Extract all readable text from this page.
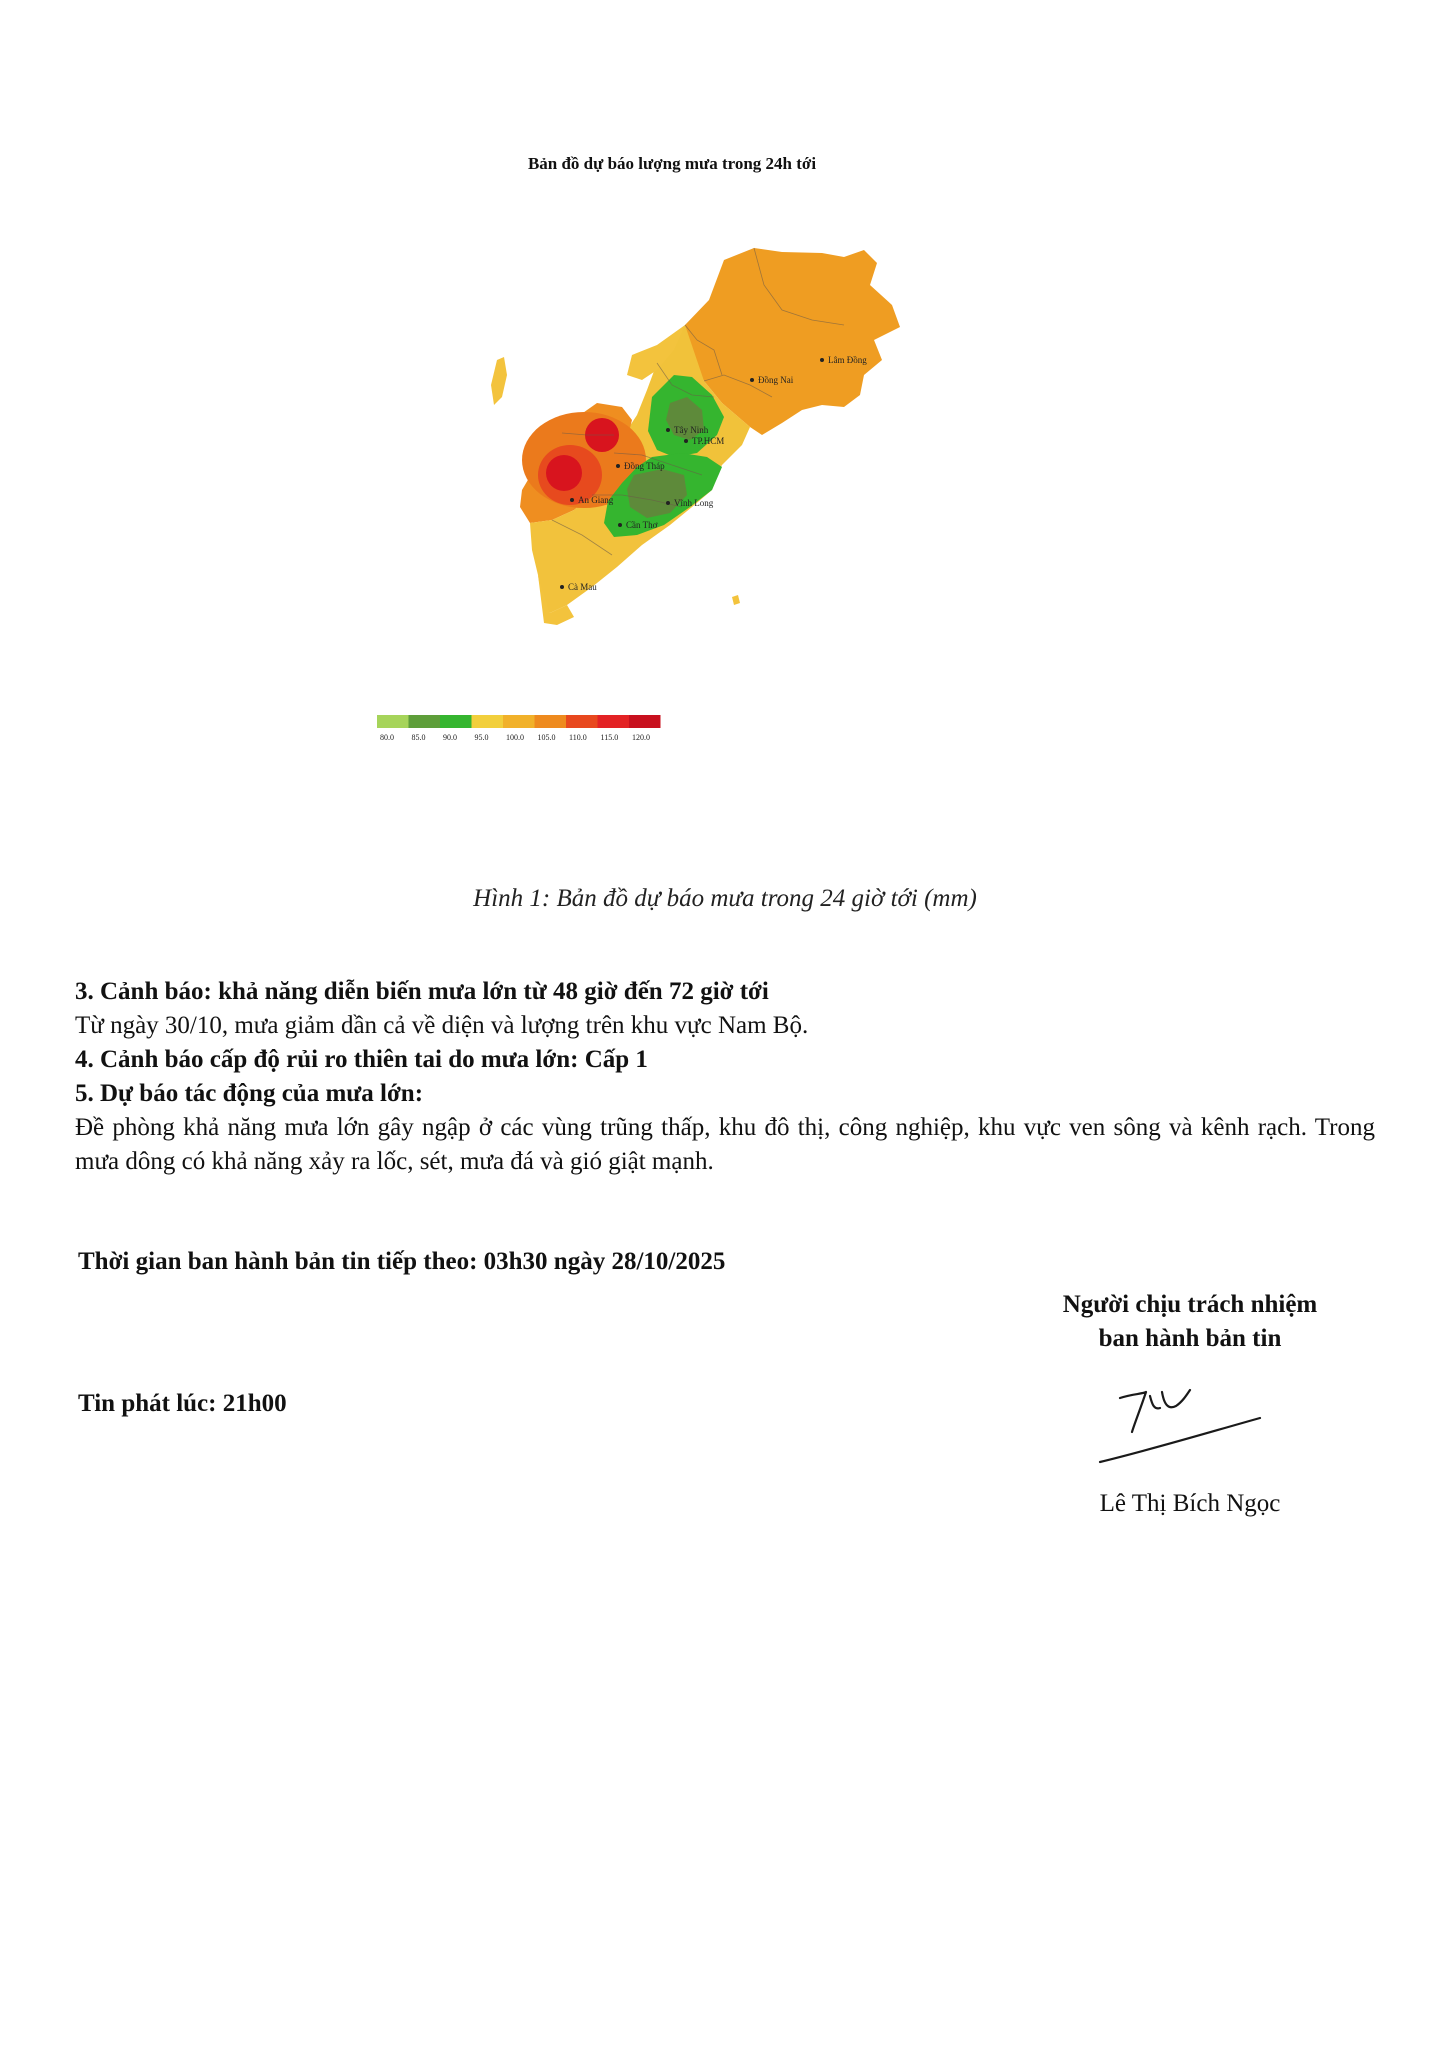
Bản đồ dự báo lượng mưa trong 24h tới
Lâm Đồng
Đồng Nai
Tây Ninh
TP.HCM
Đồng Tháp
An Giang	Vĩnh Long
Cần Thơ
Cà Mau
80.0 85.0 90.0 95.0 100.0 105.0 110.0 115.0 120.0
Hình 1: Bản đồ dự báo mưa trong 24 giờ tới (mm)

3. Cảnh báo: khả năng diễn biến mưa lớn từ 48 giờ đến 72 giờ tới

Từ ngày 30/10, mưa giảm dần cả về diện và lượng trên khu vực Nam Bộ.

4. Cảnh báo cấp độ rủi ro thiên tai do mưa lớn: Cấp 1

5. Dự báo tác động của mưa lớn:

Đề phòng khả năng mưa lớn gây ngập ở các vùng trũng thấp, khu đô thị, công nghiệp, khu vực ven sông và kênh rạch. Trong mưa dông có khả năng xảy ra lốc, sét, mưa đá và gió giật mạnh.

Thời gian ban hành bản tin tiếp theo: 03h30 ngày 28/10/2025
Tin phát lúc: 21h00
Người chịu trách nhiệm
ban hành bản tin
Lê Thị Bích Ngọc
